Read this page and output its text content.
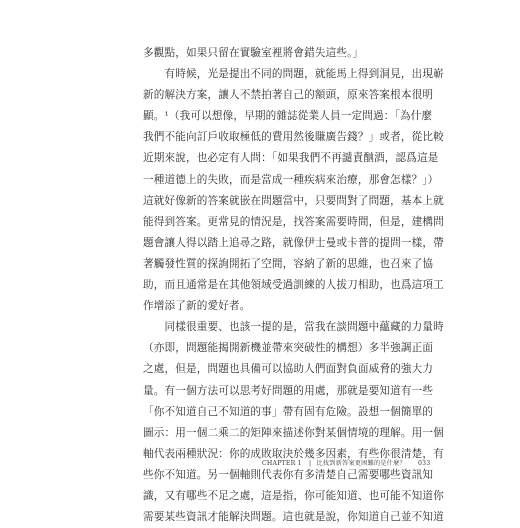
多觀點，如果只留在實驗室裡將會錯失這些。」
　　有時候，光是提出不同的問題，就能馬上得到洞見，出現嶄
新的解決方案，讓人不禁拍著自己的額頭，原來答案根本很明
顯。¹（我可以想像，早期的雜誌從業人員一定問過：「為什麼
我們不能向訂戶收取極低的費用然後賺廣告錢？」或者，從比較
近期來說，也必定有人問：「如果我們不再譴責酗酒，認爲這是
一種道德上的失敗，而是當成一種疾病來治療，那會怎樣？」）
這就好像新的答案就嵌在問題當中，只要問對了問題，基本上就
能得到答案。更常見的情況是，找答案需要時間，但是，建構問
題會讓人得以踏上追尋之路，就像伊士曼或卡普的提問一樣，帶
著觸發性質的探詢開拓了空間，容納了新的思維，也召來了協
助，而且通常是在其他領域受過訓練的人拔刀相助，也爲這項工
作增添了新的愛好者。
　　同樣很重要、也該一提的是，當我在談問題中蘊藏的力量時
（亦即，問題能揭開新機並帶來突破性的構想）多半強調正面
之處，但是，問題也具備可以協助人們面對負面威脅的強大力
量。有一個方法可以思考好問題的用處，那就是要知道有一些
「你不知道自己不知道的事」帶有固有危險。設想一個簡單的
圖示：用一個二乘二的矩陣來描述你對某個情境的理解。用一個
軸代表兩種狀況：你的成敗取決於幾多因素，有些你很清楚，有
些你不知道。另一個軸則代表你有多清楚自己需要哪些資訊知
識，又有哪些不足之處，這是指，你可能知道、也可能不知道你
需要某些資訊才能解決問題。這也就是說，你知道自己並不知道
CHAPTER 1 | 比找到新答案更困難的是什麼？ 033
